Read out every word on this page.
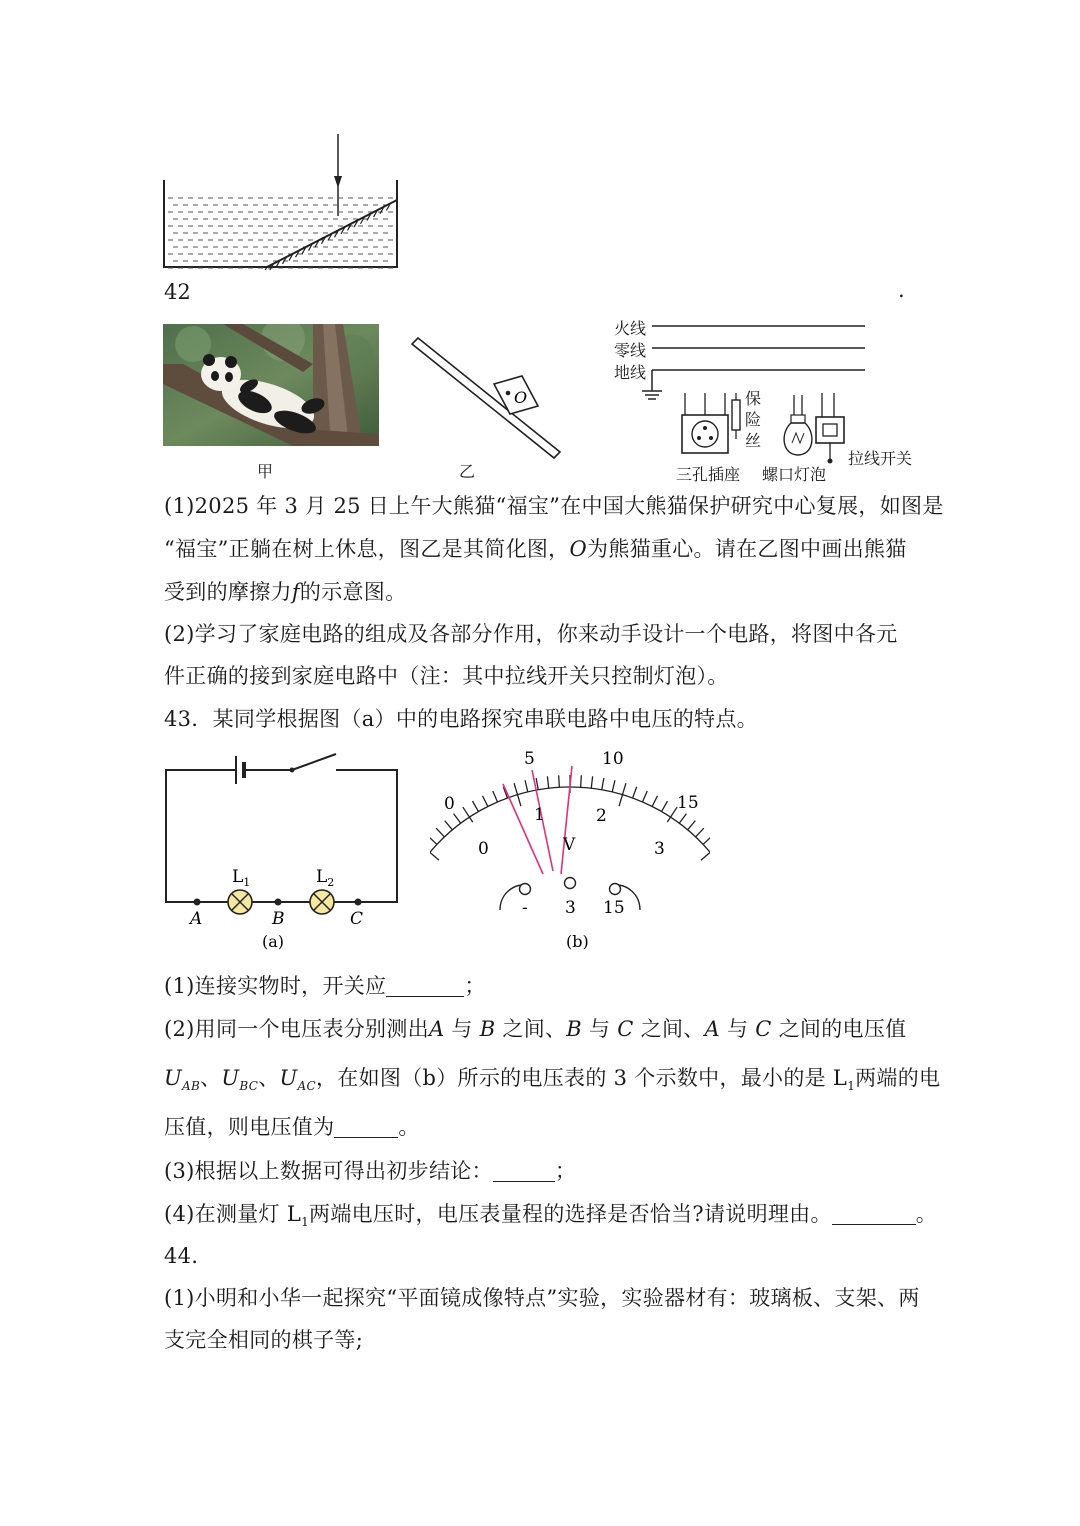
42	.
甲
O
乙
火线
零线
地线
保
险
丝
三孔插座 螺口灯泡
拉线开关
(1)2025 年 3 月 25 日上午大熊猫“福宝”在中国大熊猫保护研究中心复展，如图是
“福宝”正躺在树上休息，图乙是其简化图，O为熊猫重心。请在乙图中画出熊猫
受到的摩擦力f的示意图。
(2)学习了家庭电路的组成及各部分作用，你来动手设计一个电路，将图中各元
件正确的接到家庭电路中（注：其中拉线开关只控制灯泡）。
43．某同学根据图（a）中的电路探究串联电路中电压的特点。
$L_1$	$L_2$
A	B	C
(a)
0
5	10
15
0
1	2
3
V
- 3 15
(b)
(1)连接实物时，开关应	；
(2)用同一个电压表分别测出A 与 B 之间、B 与 C 之间、A 与 C 之间的电压值
$U_{AB}$、$U_{BC}$、$U_{AC}$，在如图（b）所示的电压表的 3 个示数中，最小的是 $L_1$两端的电
压值，则电压值为	。
(3)根据以上数据可得出初步结论：	；
(4)在测量灯 $L_1$两端电压时，电压表量程的选择是否恰当?请说明理由。	。
44．
(1)小明和小华一起探究“平面镜成像特点”实验，实验器材有：玻璃板、支架、两
支完全相同的棋子等;
